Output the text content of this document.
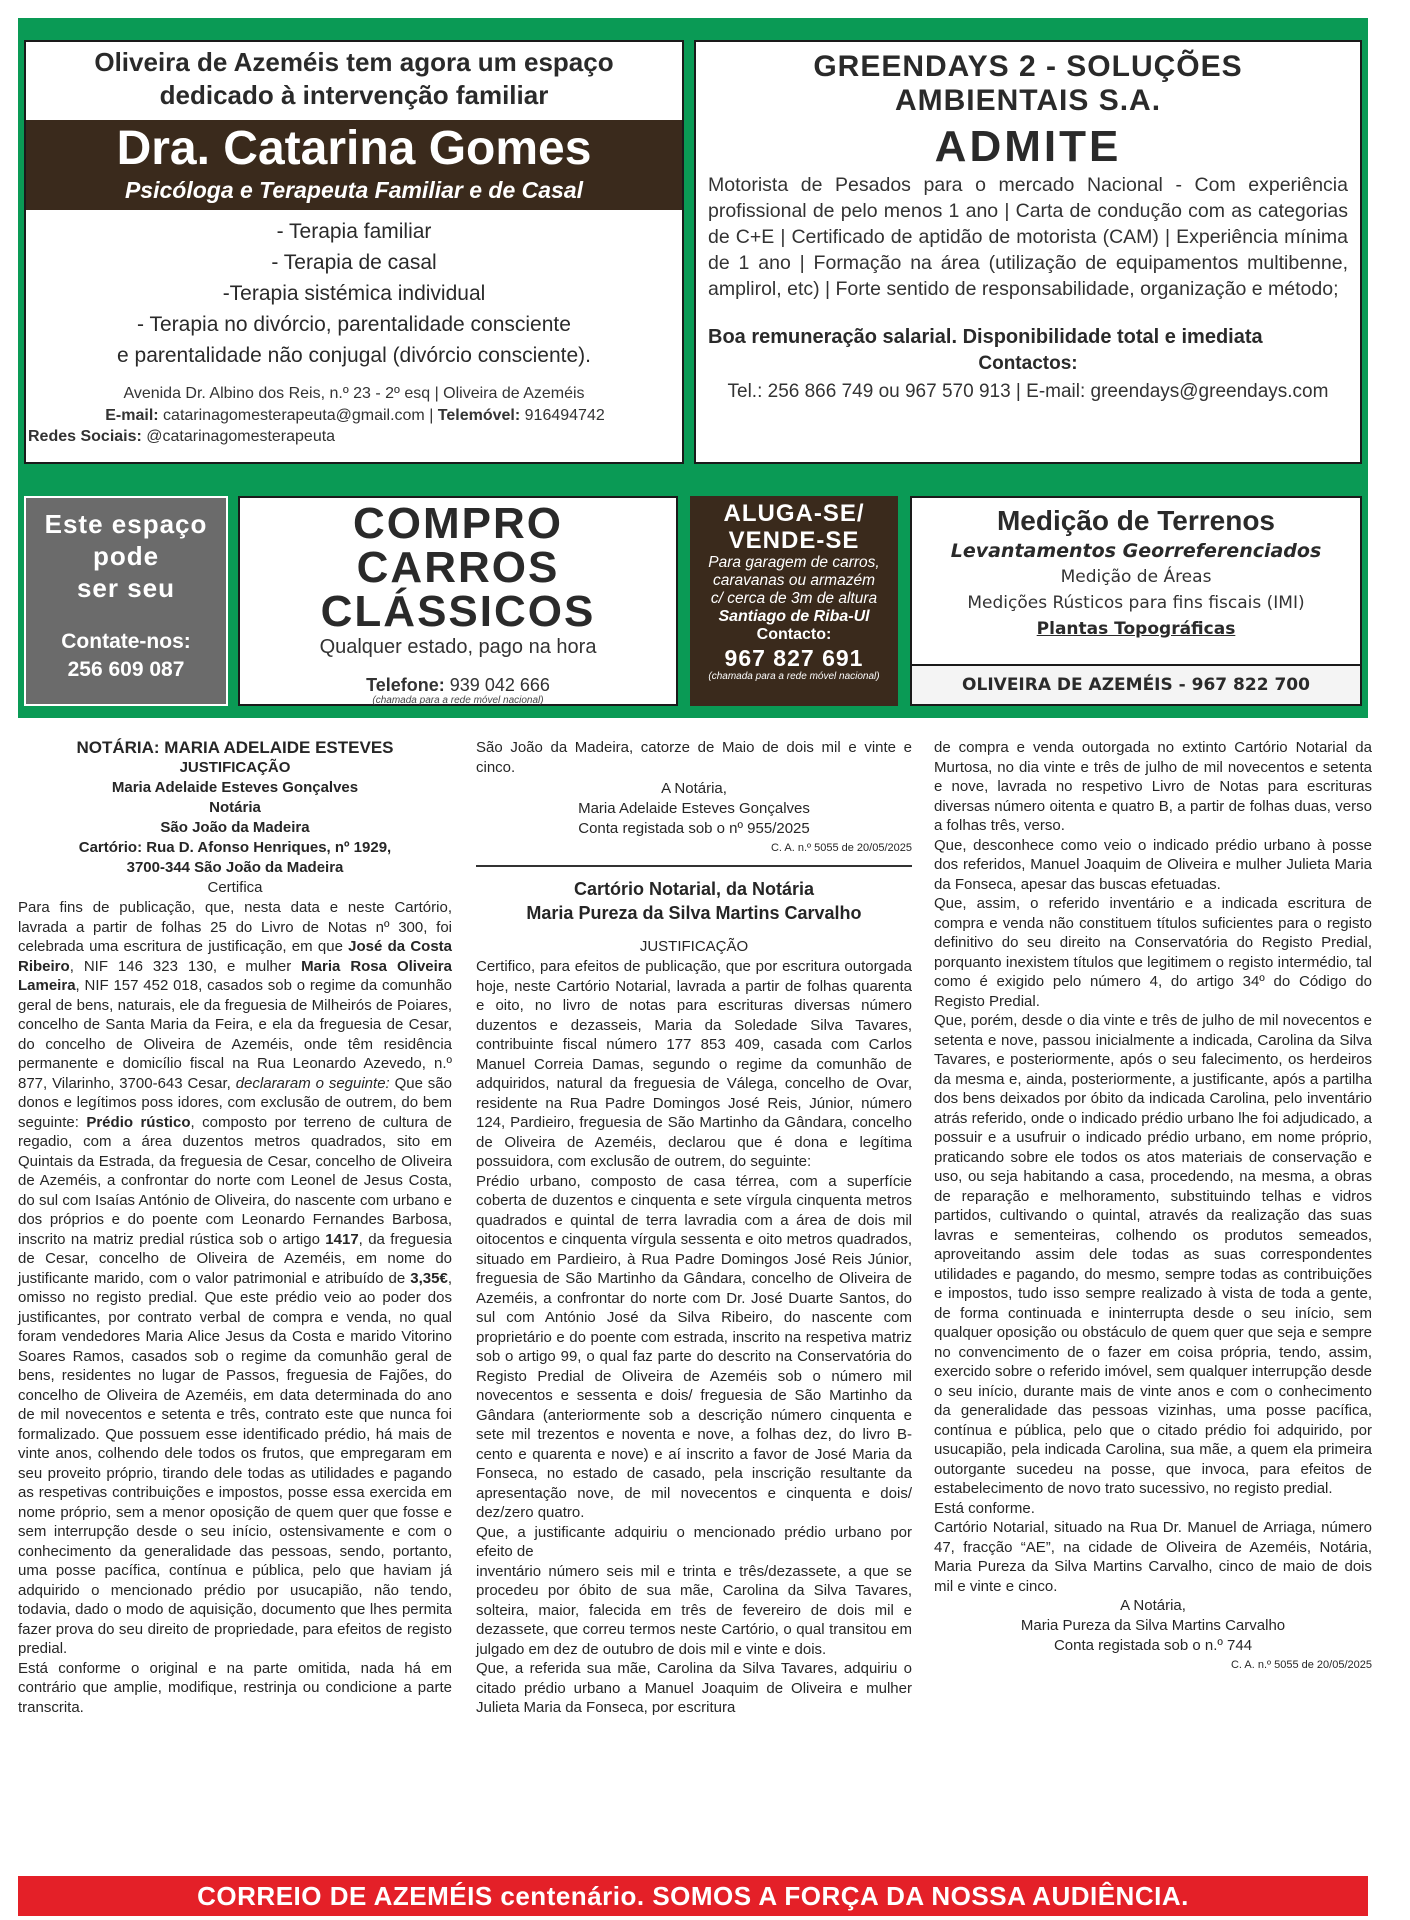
Oliveira de Azeméis tem agora um espaço
dedicado à intervenção familiar
Dra. Catarina Gomes
Psicóloga e Terapeuta Familiar e de Casal
- Terapia familiar
- Terapia de casal
-Terapia sistémica individual
- Terapia no divórcio, parentalidade consciente
e parentalidade não conjugal (divórcio consciente).
Avenida Dr. Albino dos Reis, n.º 23 - 2º esq | Oliveira de Azeméis
E-mail: catarinagomesterapeuta@gmail.com | Telemóvel: 916494742
Redes Sociais: @catarinagomesterapeuta
GREENDAYS 2 - SOLUÇÕES
AMBIENTAIS S.A.
ADMITE
Motorista de Pesados para o mercado Nacional - Com experiência profissional de pelo menos 1 ano | Carta de condução com as categorias de C+E | Certificado de aptidão de motorista (CAM) | Experiência mínima de 1 ano | Formação na área (utilização de equipamentos multibenne, amplirol, etc) | Forte sentido de responsabilidade, organização e método;
Boa remuneração salarial. Disponibilidade total e imediata
Contactos:
Tel.: 256 866 749 ou 967 570 913 | E-mail: greendays@greendays.com
Este espaço
pode
ser seu
Contate-nos:
256 609 087
COMPRO
CARROS
CLÁSSICOS
Qualquer estado, pago na hora
Telefone: 939 042 666
(chamada para a rede móvel nacional)
ALUGA-SE/
VENDE-SE
Para garagem de carros,
caravanas ou armazém
c/ cerca de 3m de altura
Santiago de Riba-Ul
Contacto:
967 827 691
(chamada para a rede móvel nacional)
Medição de Terrenos
Levantamentos Georreferenciados
Medição de Áreas
Medições Rústicos para fins fiscais (IMI)
Plantas Topográficas
OLIVEIRA DE AZEMÉIS - 967 822 700
NOTÁRIA: MARIA ADELAIDE ESTEVES
JUSTIFICAÇÃO
Maria Adelaide Esteves Gonçalves
Notária
São João da Madeira
Cartório: Rua D. Afonso Henriques, nº 1929,
3700-344 São João da Madeira
Certifica

Para fins de publicação, que, nesta data e neste Cartório, lavrada a partir de folhas 25 do Livro de Notas nº 300, foi celebrada uma escritura de justificação, em que José da Costa Ribeiro, NIF 146 323 130, e mulher Maria Rosa Oliveira Lameira, NIF 157 452 018, casados sob o regime da comunhão geral de bens, naturais, ele da freguesia de Milheirós de Poiares, concelho de Santa Maria da Feira, e ela da freguesia de Cesar, do concelho de Oliveira de Azeméis, onde têm residência permanente e domicílio fiscal na Rua Leonardo Azevedo, n.º 877, Vilarinho, 3700-643 Cesar, declararam o seguinte: Que são donos e legítimos poss idores, com exclusão de outrem, do bem seguinte: Prédio rústico, composto por terreno de cultura de regadio, com a área duzentos metros quadrados, sito em Quintais da Estrada, da freguesia de Cesar, concelho de Oliveira de Azeméis, a confrontar do norte com Leonel de Jesus Costa, do sul com Isaías António de Oliveira, do nascente com urbano e dos próprios e do poente com Leonardo Fernandes Barbosa, inscrito na matriz predial rústica sob o artigo 1417, da freguesia de Cesar, concelho de Oliveira de Azeméis, em nome do justificante marido, com o valor patrimonial e atribuído de 3,35€, omisso no registo predial. Que este prédio veio ao poder dos justificantes, por contrato verbal de compra e venda, no qual foram vendedores Maria Alice Jesus da Costa e marido Vitorino Soares Ramos, casados sob o regime da comunhão geral de bens, residentes no lugar de Passos, freguesia de Fajões, do concelho de Oliveira de Azeméis, em data determinada do ano de mil novecentos e setenta e três, contrato este que nunca foi formalizado. Que possuem esse identificado prédio, há mais de vinte anos, colhendo dele todos os frutos, que empregaram em seu proveito próprio, tirando dele todas as utilidades e pagando as respetivas contribuições e impostos, posse essa exercida em nome próprio, sem a menor oposição de quem quer que fosse e sem interrupção desde o seu início, ostensivamente e com o conhecimento da generalidade das pessoas, sendo, portanto, uma posse pacífica, contínua e pública, pelo que haviam já adquirido o mencionado prédio por usucapião, não tendo, todavia, dado o modo de aquisição, documento que lhes permita fazer prova do seu direito de propriedade, para efeitos de registo predial.

Está conforme o original e na parte omitida, nada há em contrário que amplie, modifique, restrinja ou condicione a parte transcrita.

São João da Madeira, catorze de Maio de dois mil e vinte e cinco.

A Notária,
Maria Adelaide Esteves Gonçalves
Conta registada sob o nº 955/2025
C. A. n.º 5055 de 20/05/2025
Cartório Notarial, da Notária
Maria Pureza da Silva Martins Carvalho
JUSTIFICAÇÃO

Certifico, para efeitos de publicação, que por escritura outorgada hoje, neste Cartório Notarial, lavrada a partir de folhas quarenta e oito, no livro de notas para escrituras diversas número duzentos e dezasseis, Maria da Soledade Silva Tavares, contribuinte fiscal número 177 853 409, casada com Carlos Manuel Correia Damas, segundo o regime da comunhão de adquiridos, natural da freguesia de Válega, concelho de Ovar, residente na Rua Padre Domingos José Reis, Júnior, número 124, Pardieiro, freguesia de São Martinho da Gândara, concelho de Oliveira de Azeméis, declarou que é dona e legítima possuidora, com exclusão de outrem, do seguinte:

Prédio urbano, composto de casa térrea, com a superfície coberta de duzentos e cinquenta e sete vírgula cinquenta metros quadrados e quintal de terra lavradia com a área de dois mil oitocentos e cinquenta vírgula sessenta e oito metros quadrados, situado em Pardieiro, à Rua Padre Domingos José Reis Júnior, freguesia de São Martinho da Gândara, concelho de Oliveira de Azeméis, a confrontar do norte com Dr. José Duarte Santos, do sul com António José da Silva Ribeiro, do nascente com proprietário e do poente com estrada, inscrito na respetiva matriz sob o artigo 99, o qual faz parte do descrito na Conservatória do Registo Predial de Oliveira de Azeméis sob o número mil novecentos e sessenta e dois/ freguesia de São Martinho da Gândara (anteriormente sob a descrição número cinquenta e sete mil trezentos e noventa e nove, a folhas dez, do livro B- cento e quarenta e nove) e aí inscrito a favor de José Maria da Fonseca, no estado de casado, pela inscrição resultante da apresentação nove, de mil novecentos e cinquenta e dois/ dez/zero quatro.

Que, a justificante adquiriu o mencionado prédio urbano por efeito de

inventário número seis mil e trinta e três/dezassete, a que se procedeu por óbito de sua mãe, Carolina da Silva Tavares, solteira, maior, falecida em três de fevereiro de dois mil e dezassete, que correu termos neste Cartório, o qual transitou em julgado em dez de outubro de dois mil e vinte e dois.

Que, a referida sua mãe, Carolina da Silva Tavares, adquiriu o citado prédio urbano a Manuel Joaquim de Oliveira e mulher Julieta Maria da Fonseca, por escritura

de compra e venda outorgada no extinto Cartório Notarial da Murtosa, no dia vinte e três de julho de mil novecentos e setenta e nove, lavrada no respetivo Livro de Notas para escrituras diversas número oitenta e quatro B, a partir de folhas duas, verso a folhas três, verso.

Que, desconhece como veio o indicado prédio urbano à posse dos referidos, Manuel Joaquim de Oliveira e mulher Julieta Maria da Fonseca, apesar das buscas efetuadas.

Que, assim, o referido inventário e a indicada escritura de compra e venda não constituem títulos suficientes para o registo definitivo do seu direito na Conservatória do Registo Predial, porquanto inexistem títulos que legitimem o registo intermédio, tal como é exigido pelo número 4, do artigo 34º do Código do Registo Predial.

Que, porém, desde o dia vinte e três de julho de mil novecentos e setenta e nove, passou inicialmente a indicada, Carolina da Silva Tavares, e posteriormente, após o seu falecimento, os herdeiros da mesma e, ainda, posteriormente, a justificante, após a partilha dos bens deixados por óbito da indicada Carolina, pelo inventário atrás referido, onde o indicado prédio urbano lhe foi adjudicado, a possuir e a usufruir o indicado prédio urbano, em nome próprio, praticando sobre ele todos os atos materiais de conservação e uso, ou seja habitando a casa, procedendo, na mesma, a obras de reparação e melhoramento, substituindo telhas e vidros partidos, cultivando o quintal, através da realização das suas lavras e sementeiras, colhendo os produtos semeados, aproveitando assim dele todas as suas correspondentes utilidades e pagando, do mesmo, sempre todas as contribuições e impostos, tudo isso sempre realizado à vista de toda a gente, de forma continuada e ininterrupta desde o seu início, sem qualquer oposição ou obstáculo de quem quer que seja e sempre no convencimento de o fazer em coisa própria, tendo, assim, exercido sobre o referido imóvel, sem qualquer interrupção desde o seu início, durante mais de vinte anos e com o conhecimento da generalidade das pessoas vizinhas, uma posse pacífica, contínua e pública, pelo que o citado prédio foi adquirido, por usucapião, pela indicada Carolina, sua mãe, a quem ela primeira outorgante sucedeu na posse, que invoca, para efeitos de estabelecimento de novo trato sucessivo, no registo predial.

Está conforme.

Cartório Notarial, situado na Rua Dr. Manuel de Arriaga, número 47, fracção “AE”, na cidade de Oliveira de Azeméis, Notária, Maria Pureza da Silva Martins Carvalho, cinco de maio de dois mil e vinte e cinco.

A Notária,
Maria Pureza da Silva Martins Carvalho
Conta registada sob o n.º 744
C. A. n.º 5055 de 20/05/2025
CORREIO DE AZEMÉIS centenário. SOMOS A FORÇA DA NOSSA AUDIÊNCIA.
